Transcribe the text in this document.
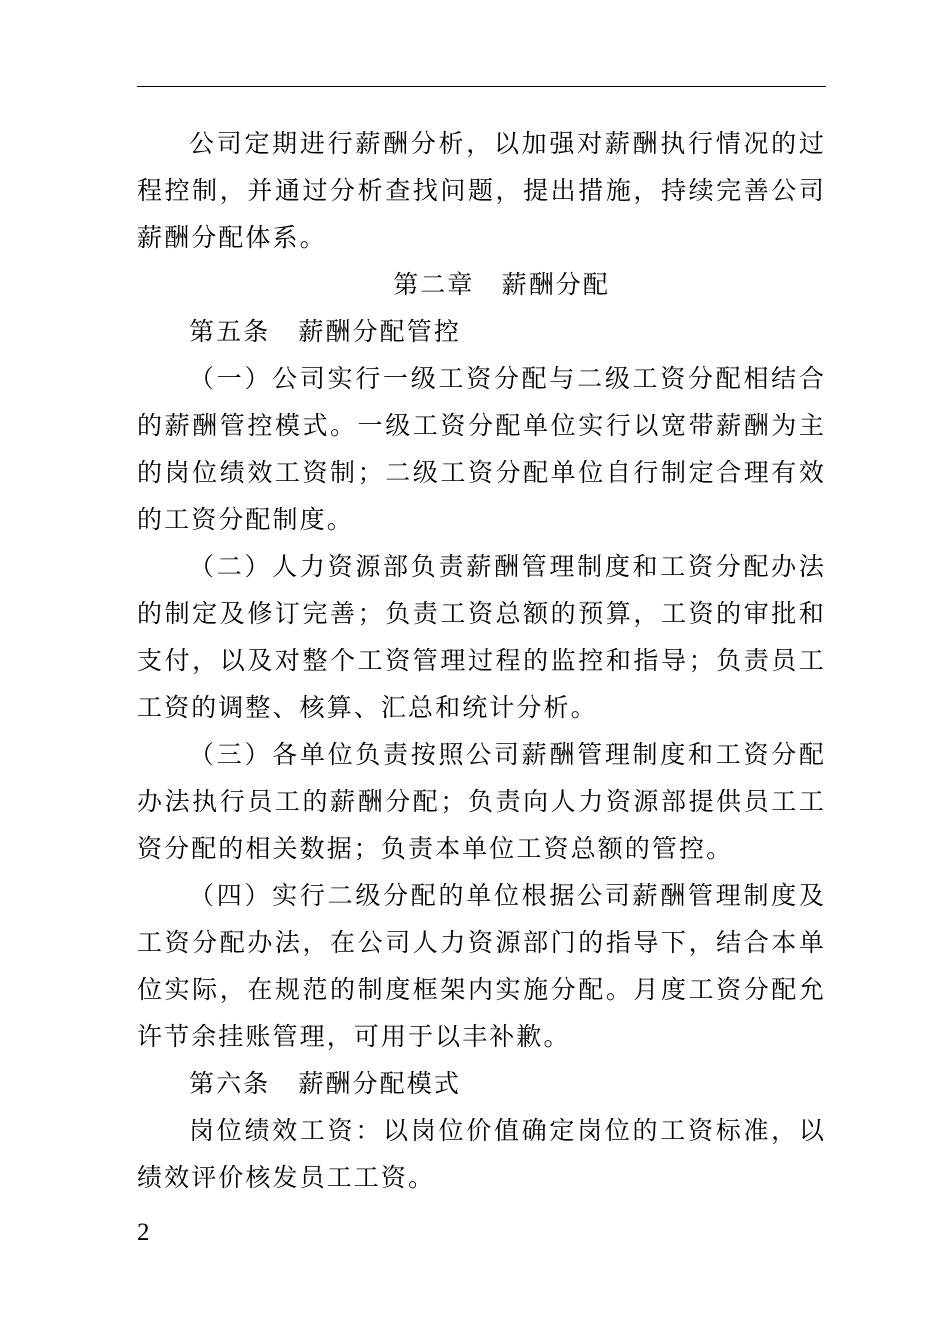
公司定期进行薪酬分析，以加强对薪酬执行情况的过程控制，并通过分析查找问题，提出措施，持续完善公司薪酬分配体系。

第二章　薪酬分配

第五条 薪酬分配管控

（一）公司实行一级工资分配与二级工资分配相结合的薪酬管控模式。一级工资分配单位实行以宽带薪酬为主的岗位绩效工资制；二级工资分配单位自行制定合理有效的工资分配制度。

（二）人力资源部负责薪酬管理制度和工资分配办法的制定及修订完善；负责工资总额的预算，工资的审批和支付，以及对整个工资管理过程的监控和指导；负责员工工资的调整、核算、汇总和统计分析。

（三）各单位负责按照公司薪酬管理制度和工资分配办法执行员工的薪酬分配；负责向人力资源部提供员工工资分配的相关数据；负责本单位工资总额的管控。

（四）实行二级分配的单位根据公司薪酬管理制度及工资分配办法，在公司人力资源部门的指导下，结合本单位实际，在规范的制度框架内实施分配。月度工资分配允许节余挂账管理，可用于以丰补歉。

第六条 薪酬分配模式

岗位绩效工资：以岗位价值确定岗位的工资标准，以绩效评价核发员工工资。

2
